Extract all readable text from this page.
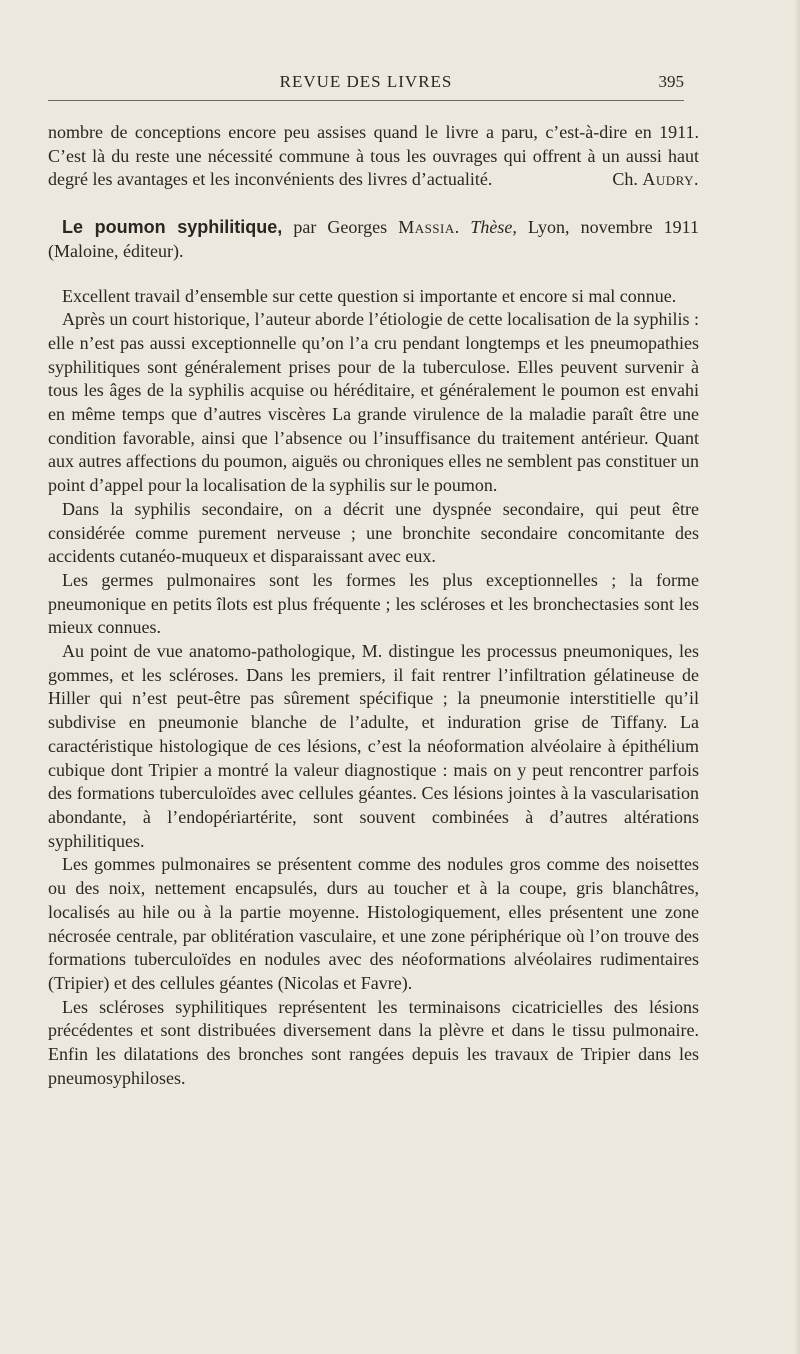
REVUE DES LIVRES	395

nombre de conceptions encore peu assises quand le livre a paru, c’est-à-dire en 1911. C’est là du reste une nécessité commune à tous les ouvrages qui offrent à un aussi haut degré les avantages et les inconvénients des livres d’actualité.	Ch. Audry.

Le poumon syphilitique, par Georges Massia. Thèse, Lyon, novembre 1911 (Maloine, éditeur).

Excellent travail d’ensemble sur cette question si importante et encore si mal connue.

Après un court historique, l’auteur aborde l’étiologie de cette localisation de la syphilis : elle n’est pas aussi exceptionnelle qu’on l’a cru pendant longtemps et les pneumopathies syphilitiques sont généralement prises pour de la tuberculose. Elles peuvent survenir à tous les âges de la syphilis acquise ou héréditaire, et généralement le poumon est envahi en même temps que d’autres viscères La grande virulence de la maladie paraît être une condition favorable, ainsi que l’absence ou l’insuffisance du traitement antérieur. Quant aux autres affections du poumon, aiguës ou chroniques elles ne semblent pas constituer un point d’appel pour la localisation de la syphilis sur le poumon.

Dans la syphilis secondaire, on a décrit une dyspnée secondaire, qui peut être considérée comme purement nerveuse ; une bronchite secondaire concomitante des accidents cutanéo-muqueux et disparaissant avec eux.

Les germes pulmonaires sont les formes les plus exceptionnelles ; la forme pneumonique en petits îlots est plus fréquente ; les scléroses et les bronchectasies sont les mieux connues.

Au point de vue anatomo-pathologique, M. distingue les processus pneumoniques, les gommes, et les scléroses. Dans les premiers, il fait rentrer l’infiltration gélatineuse de Hiller qui n’est peut-être pas sûrement spécifique ; la pneumonie interstitielle qu’il subdivise en pneumonie blanche de l’adulte, et induration grise de Tiffany. La caractéristique histologique de ces lésions, c’est la néoformation alvéolaire à épithélium cubique dont Tripier a montré la valeur diagnostique : mais on y peut rencontrer parfois des formations tuberculoïdes avec cellules géantes. Ces lésions jointes à la vascularisation abondante, à l’endopériartérite, sont souvent combinées à d’autres altérations syphilitiques.

Les gommes pulmonaires se présentent comme des nodules gros comme des noisettes ou des noix, nettement encapsulés, durs au toucher et à la coupe, gris blanchâtres, localisés au hile ou à la partie moyenne. Histologiquement, elles présentent une zone nécrosée centrale, par oblitération vasculaire, et une zone périphérique où l’on trouve des formations tuberculoïdes en nodules avec des néoformations alvéolaires rudimentaires (Tripier) et des cellules géantes (Nicolas et Favre).

Les scléroses syphilitiques représentent les terminaisons cicatricielles des lésions précédentes et sont distribuées diversement dans la plèvre et dans le tissu pulmonaire. Enfin les dilatations des bronches sont rangées depuis les travaux de Tripier dans les pneumosyphiloses.
